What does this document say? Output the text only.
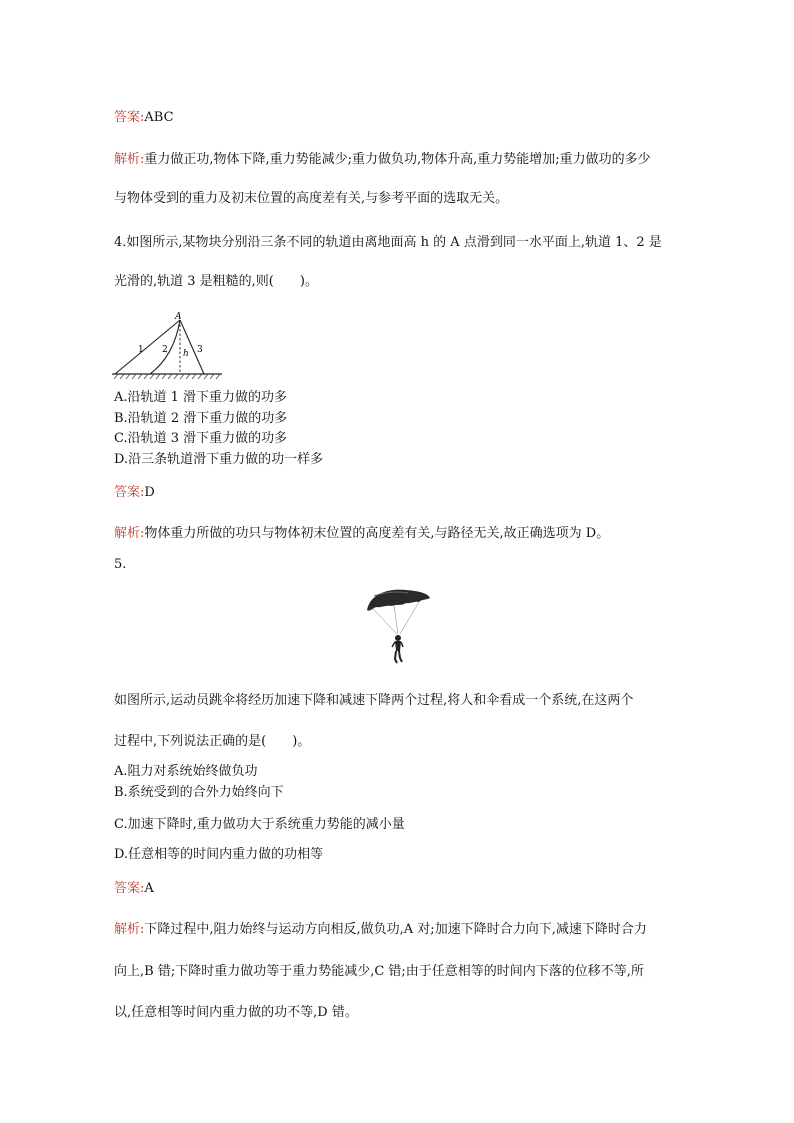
答案:ABC
解析:重力做正功,物体下降,重力势能减少;重力做负功,物体升高,重力势能增加;重力做功的多少
与物体受到的重力及初末位置的高度差有关,与参考平面的选取无关。
4.如图所示,某物块分别沿三条不同的轨道由离地面高 h 的 A 点滑到同一水平面上,轨道 1、2 是
光滑的,轨道 3 是粗糙的,则(　　)。
A
1 2	3
h
A.沿轨道 1 滑下重力做的功多
B.沿轨道 2 滑下重力做的功多
C.沿轨道 3 滑下重力做的功多
D.沿三条轨道滑下重力做的功一样多
答案:D
解析:物体重力所做的功只与物体初末位置的高度差有关,与路径无关,故正确选项为 D。
5.
如图所示,运动员跳伞将经历加速下降和减速下降两个过程,将人和伞看成一个系统,在这两个
过程中,下列说法正确的是(　　)。
A.阻力对系统始终做负功
B.系统受到的合外力始终向下
C.加速下降时,重力做功大于系统重力势能的减小量
D.任意相等的时间内重力做的功相等
答案:A
解析:下降过程中,阻力始终与运动方向相反,做负功,A 对;加速下降时合力向下,减速下降时合力
向上,B 错;下降时重力做功等于重力势能减少,C 错;由于任意相等的时间内下落的位移不等,所
以,任意相等时间内重力做的功不等,D 错。
